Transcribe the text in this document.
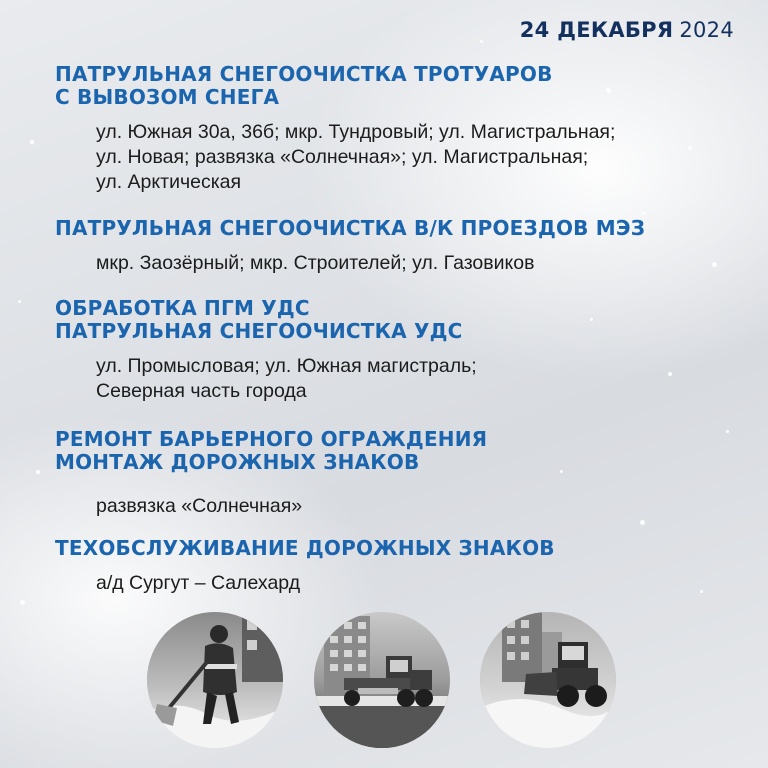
24 ДЕКАБРЯ 2024
ПАТРУЛЬНАЯ СНЕГООЧИСТКА ТРОТУАРОВ
С ВЫВОЗОМ СНЕГА
ул. Южная 30а, 36б; мкр. Тундровый; ул. Магистральная;
ул. Новая; развязка «Солнечная»; ул. Магистральная;
ул. Арктическая
ПАТРУЛЬНАЯ СНЕГООЧИСТКА В/К ПРОЕЗДОВ МЭЗ
мкр. Заозёрный; мкр. Строителей; ул. Газовиков
ОБРАБОТКА ПГМ УДС
ПАТРУЛЬНАЯ СНЕГООЧИСТКА УДС
ул. Промысловая; ул. Южная магистраль;
Северная часть города
РЕМОНТ БАРЬЕРНОГО ОГРАЖДЕНИЯ
МОНТАЖ ДОРОЖНЫХ ЗНАКОВ
развязка «Солнечная»
ТЕХОБСЛУЖИВАНИЕ ДОРОЖНЫХ ЗНАКОВ
а/д Сургут – Салехард
